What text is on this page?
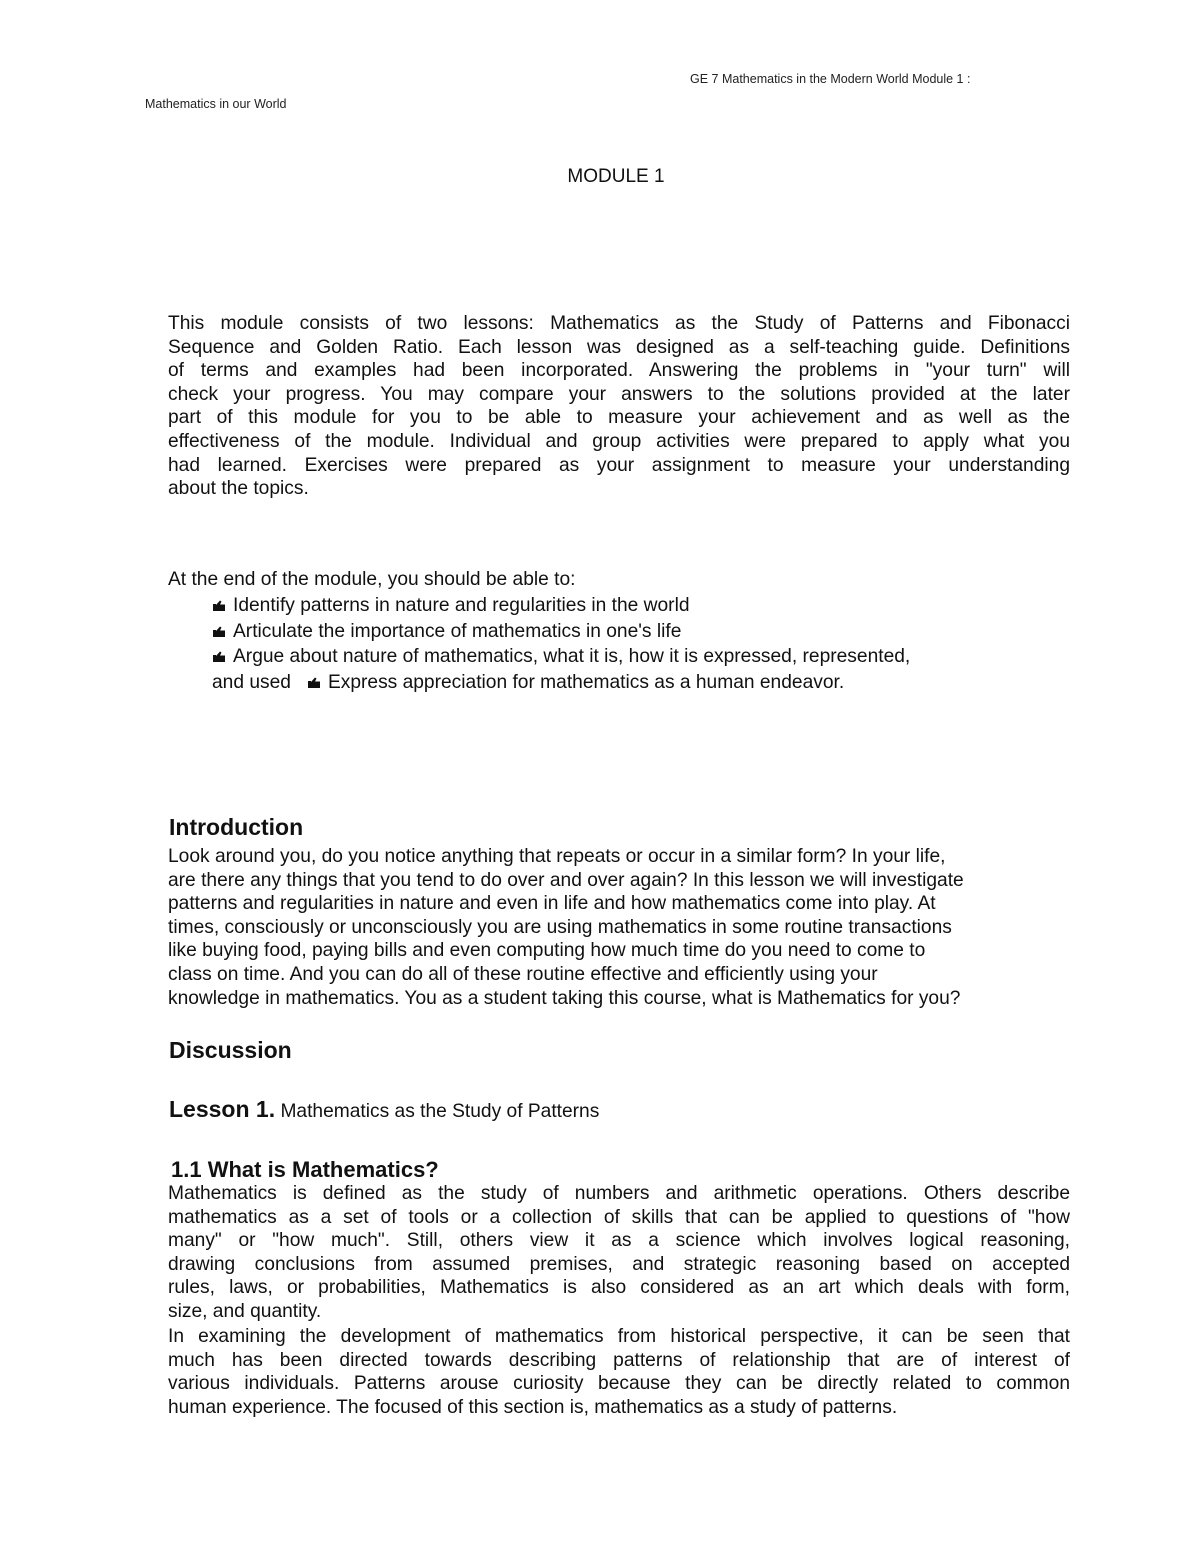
GE 7 Mathematics in the Modern World Module 1 :
Mathematics in our World
MODULE 1
This module consists of two lessons: Mathematics as the Study of Patterns and Fibonacci
Sequence and Golden Ratio. Each lesson was designed as a self-teaching guide. Definitions
of terms and examples had been incorporated. Answering the problems in "your turn" will
check your progress. You may compare your answers to the solutions provided at the later
part of this module for you to be able to measure your achievement and as well as the
effectiveness of the module. Individual and group activities were prepared to apply what you
had learned. Exercises were prepared as your assignment to measure your understanding
about the topics.
At the end of the module, you should be able to:
Identify patterns in nature and regularities in the world
Articulate the importance of mathematics in one's life
Argue about nature of mathematics, what it is, how it is expressed, represented,
and used Express appreciation for mathematics as a human endeavor.
Introduction
Look around you, do you notice anything that repeats or occur in a similar form? In your life,
are there any things that you tend to do over and over again? In this lesson we will investigate
patterns and regularities in nature and even in life and how mathematics come into play. At
times, consciously or unconsciously you are using mathematics in some routine transactions
like buying food, paying bills and even computing how much time do you need to come to
class on time. And you can do all of these routine effective and efficiently using your
knowledge in mathematics. You as a student taking this course, what is Mathematics for you?
Discussion
Lesson 1. Mathematics as the Study of Patterns
1.1 What is Mathematics?
Mathematics is defined as the study of numbers and arithmetic operations. Others describe
mathematics as a set of tools or a collection of skills that can be applied to questions of "how
many" or "how much". Still, others view it as a science which involves logical reasoning,
drawing conclusions from assumed premises, and strategic reasoning based on accepted
rules, laws, or probabilities, Mathematics is also considered as an art which deals with form,
size, and quantity.
In examining the development of mathematics from historical perspective, it can be seen that
much has been directed towards describing patterns of relationship that are of interest of
various individuals. Patterns arouse curiosity because they can be directly related to common
human experience. The focused of this section is, mathematics as a study of patterns.
